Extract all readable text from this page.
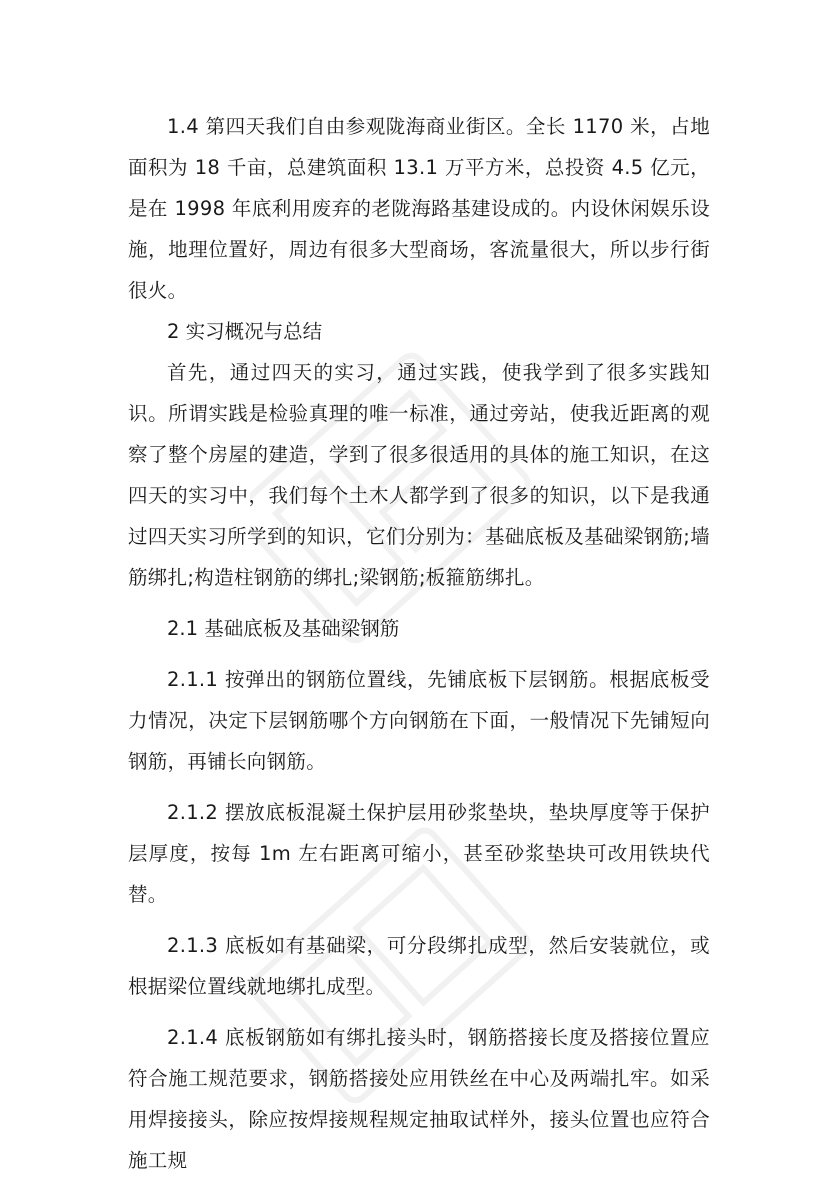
1.4 第四天我们自由参观陇海商业街区。全长 1170 米，占地面积为 18 千亩，总建筑面积 13.1 万平方米，总投资 4.5 亿元，是在 1998 年底利用废弃的老陇海路基建设成的。内设休闲娱乐设施，地理位置好，周边有很多大型商场，客流量很大，所以步行街很火。

2 实习概况与总结

首先，通过四天的实习，通过实践，使我学到了很多实践知识。所谓实践是检验真理的唯一标准，通过旁站，使我近距离的观察了整个房屋的建造，学到了很多很适用的具体的施工知识，在这四天的实习中，我们每个土木人都学到了很多的知识，以下是我通过四天实习所学到的知识，它们分别为：基础底板及基础梁钢筋;墙筋绑扎;构造柱钢筋的绑扎;梁钢筋;板箍筋绑扎。

2.1 基础底板及基础梁钢筋

2.1.1 按弹出的钢筋位置线，先铺底板下层钢筋。根据底板受力情况，决定下层钢筋哪个方向钢筋在下面，一般情况下先铺短向钢筋，再铺长向钢筋。

2.1.2 摆放底板混凝土保护层用砂浆垫块，垫块厚度等于保护层厚度，按每 1m 左右距离可缩小，甚至砂浆垫块可改用铁块代替。

2.1.3 底板如有基础梁，可分段绑扎成型，然后安装就位，或根据梁位置线就地绑扎成型。

2.1.4 底板钢筋如有绑扎接头时，钢筋搭接长度及搭接位置应符合施工规范要求，钢筋搭接处应用铁丝在中心及两端扎牢。如采用焊接接头，除应按焊接规程规定抽取试样外，接头位置也应符合施工规
